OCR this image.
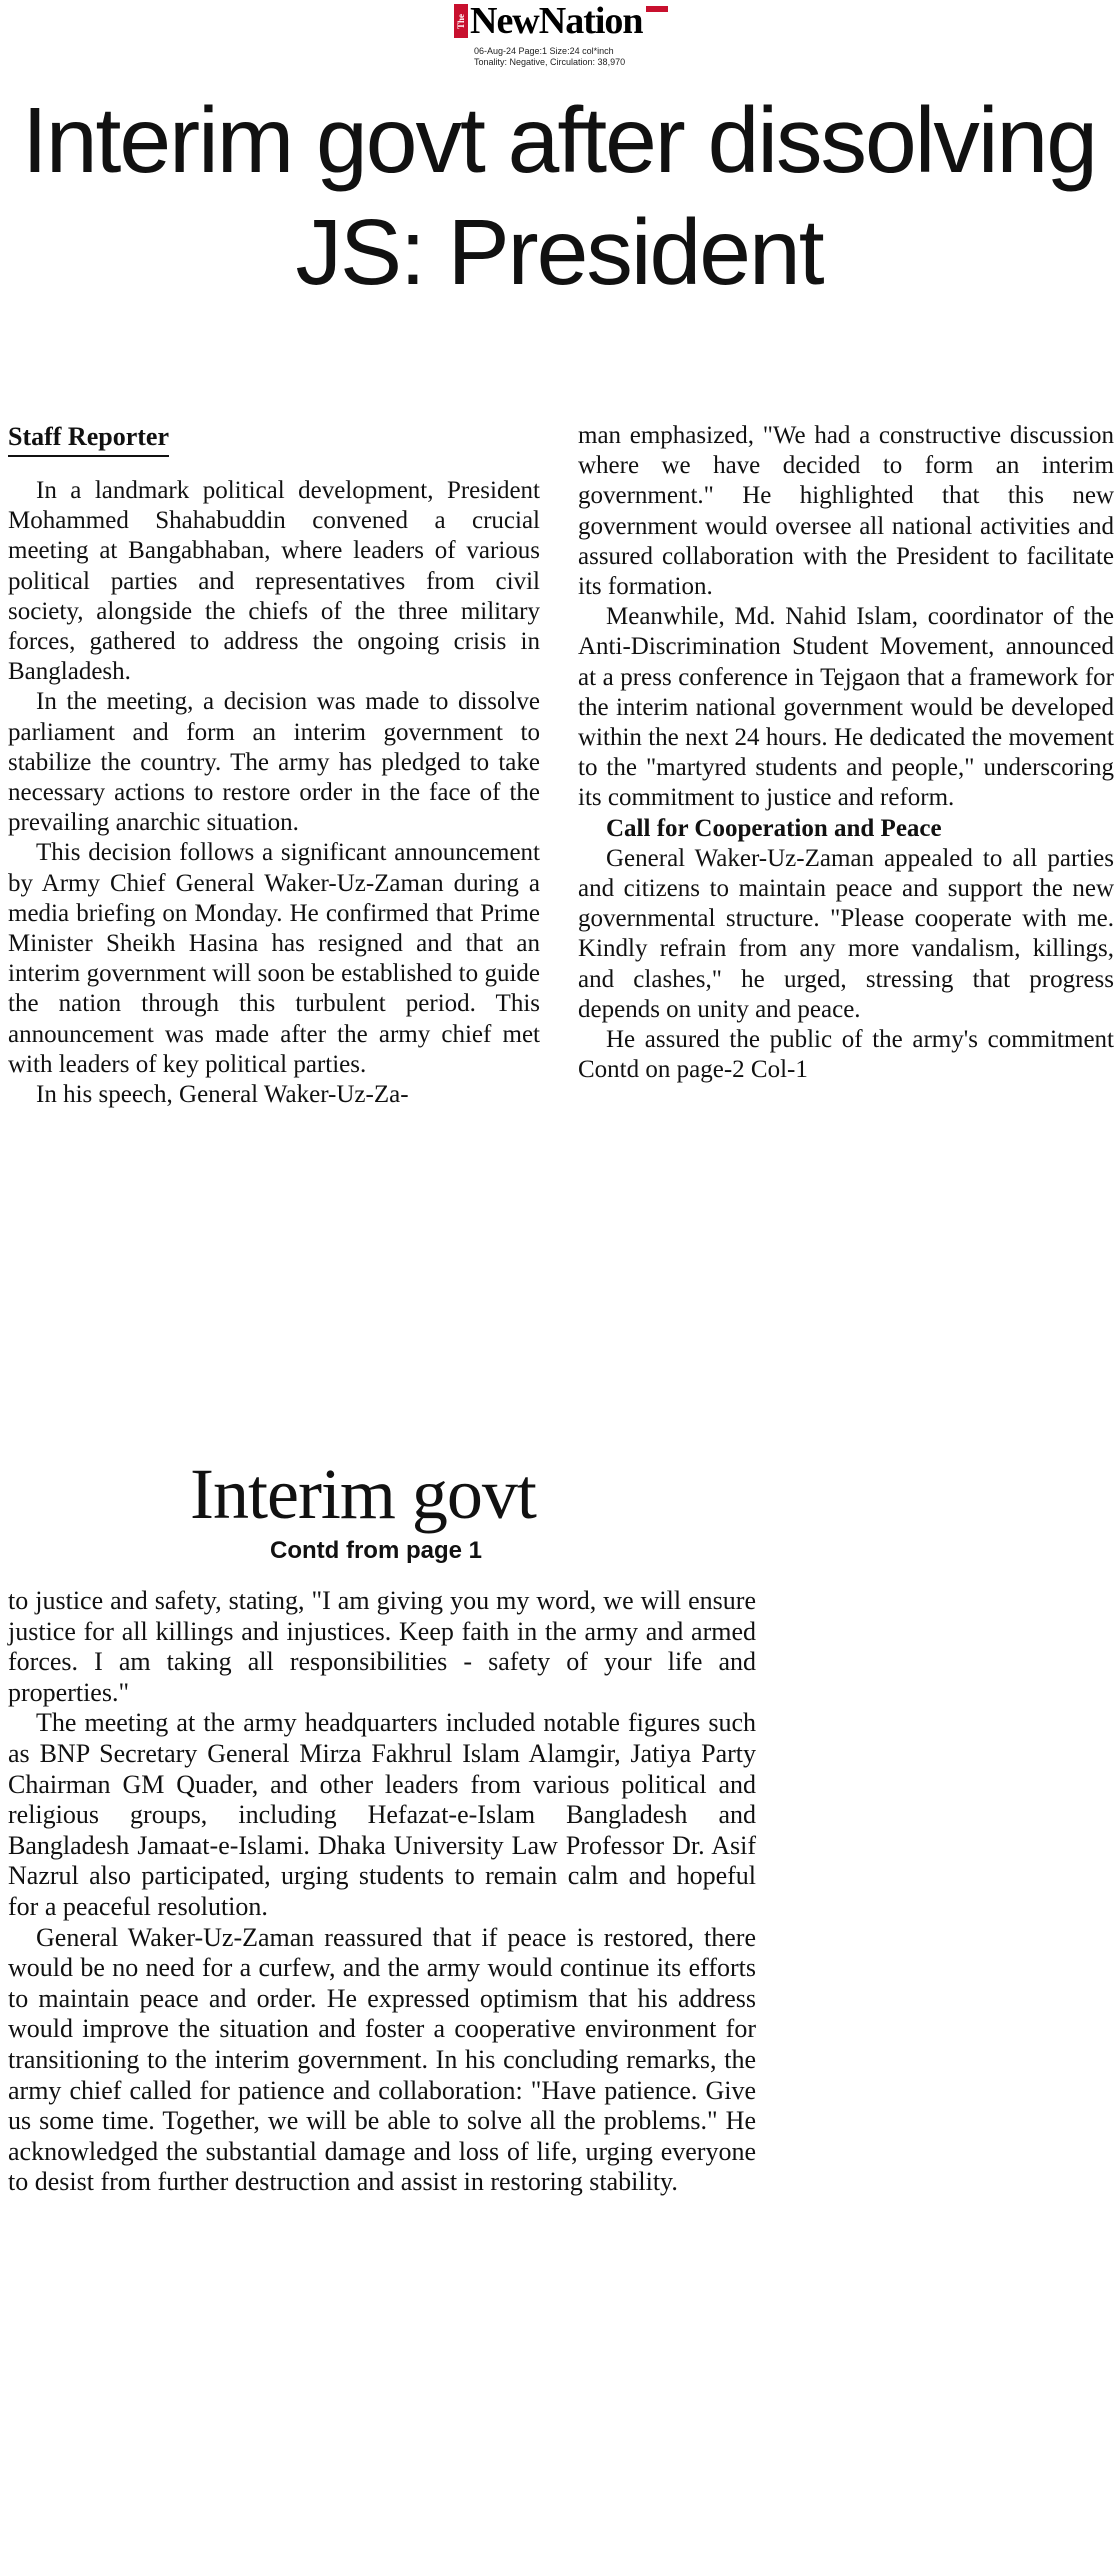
The NewNation
06-Aug-24 Page:1 Size:24 col*inch
Tonality: Negative, Circulation: 38,970
Interim govt after dissolving JS: President
Staff Reporter

In a landmark political development, President Mohammed Shahabuddin convened a crucial meeting at Bangabhaban, where leaders of various political parties and representatives from civil society, alongside the chiefs of the three military forces, gathered to address the ongoing crisis in Bangladesh.

In the meeting, a decision was made to dissolve parliament and form an interim government to stabilize the country. The army has pledged to take necessary actions to restore order in the face of the prevailing anarchic situation.

This decision follows a significant announcement by Army Chief General Waker-Uz-Zaman during a media briefing on Monday. He confirmed that Prime Minister Sheikh Hasina has resigned and that an interim government will soon be established to guide the nation through this turbulent period. This announcement was made after the army chief met with leaders of key political parties.

In his speech, General Waker-Uz-Za-

man emphasized, "We had a constructive discussion where we have decided to form an interim government." He highlighted that this new government would oversee all national activities and assured collaboration with the President to facilitate its formation.

Meanwhile, Md. Nahid Islam, coordinator of the Anti-Discrimination Student Movement, announced at a press conference in Tejgaon that a framework for the interim national government would be developed within the next 24 hours. He dedicated the movement to the "martyred students and people," underscoring its commitment to justice and reform.

Call for Cooperation and Peace

General Waker-Uz-Zaman appealed to all parties and citizens to maintain peace and support the new governmental structure. "Please cooperate with me. Kindly refrain from any more vandalism, killings, and clashes," he urged, stressing that progress depends on unity and peace.

He assured the public of the army's commitment Contd on page-2 Col-1

Interim govt
Contd from page 1

to justice and safety, stating, "I am giving you my word, we will ensure justice for all killings and injustices. Keep faith in the army and armed forces. I am taking all responsibilities - safety of your life and properties."

The meeting at the army headquarters included notable figures such as BNP Secretary General Mirza Fakhrul Islam Alamgir, Jatiya Party Chairman GM Quader, and other leaders from various political and religious groups, including Hefazat-e-Islam Bangladesh and Bangladesh Jamaat-e-Islami. Dhaka University Law Professor Dr. Asif Nazrul also participated, urging students to remain calm and hopeful for a peaceful resolution.

General Waker-Uz-Zaman reassured that if peace is restored, there would be no need for a curfew, and the army would continue its efforts to maintain peace and order. He expressed optimism that his address would improve the situation and foster a cooperative environment for transitioning to the interim government. In his concluding remarks, the army chief called for patience and collaboration: "Have patience. Give us some time. Together, we will be able to solve all the problems." He acknowledged the substantial damage and loss of life, urging everyone to desist from further destruction and assist in restoring stability.
